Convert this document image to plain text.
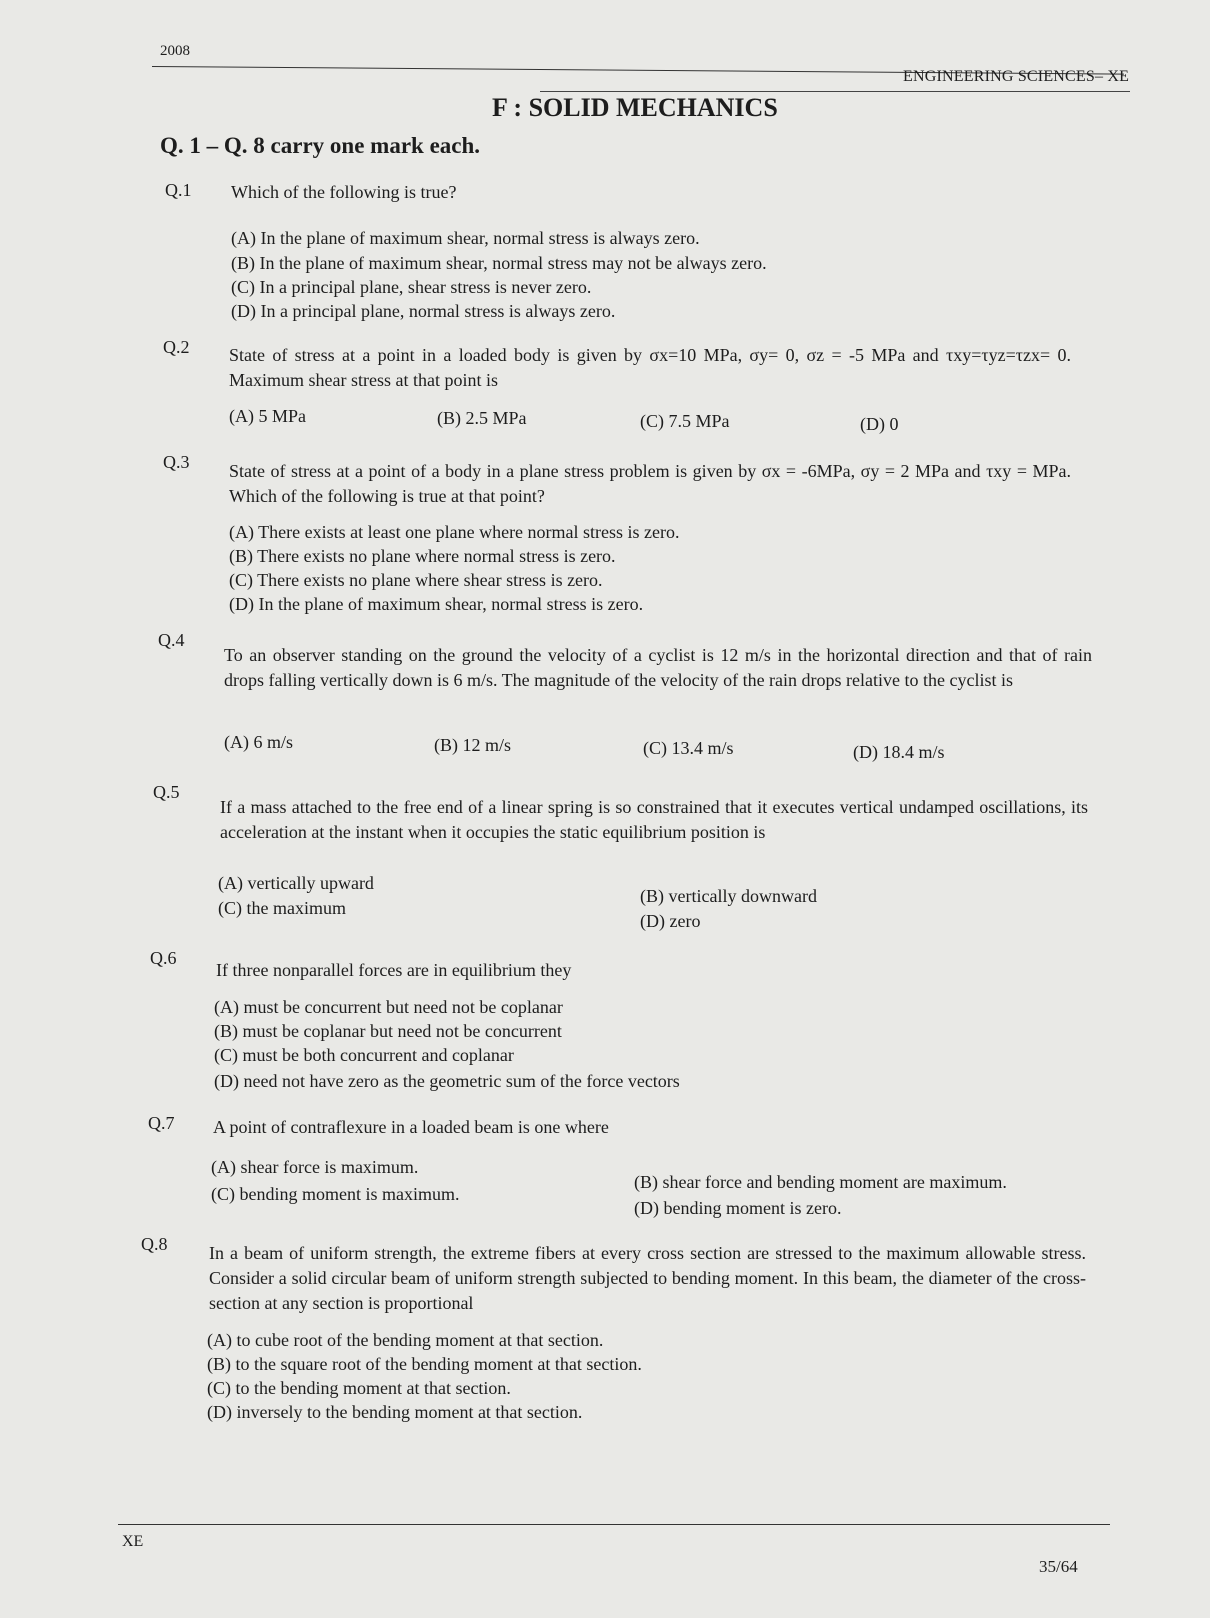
2008
ENGINEERING SCIENCES– XE
F : SOLID MECHANICS
Q. 1 – Q. 8 carry one mark each.
Q.1 Which of the following is true?
(A) In the plane of maximum shear, normal stress is always zero.
(B) In the plane of maximum shear, normal stress may not be always zero.
(C) In a principal plane, shear stress is never zero.
(D) In a principal plane, normal stress is always zero.
Q.2 State of stress at a point in a loaded body is given by σx=10 MPa, σy= 0, σz = -5 MPa and τxy=τyz=τzx= 0. Maximum shear stress at that point is
(A) 5 MPa	(B) 2.5 MPa	(C) 7.5 MPa	(D) 0
Q.3 State of stress at a point of a body in a plane stress problem is given by σx = -6MPa, σy = 2 MPa and τxy = MPa. Which of the following is true at that point?
(A) There exists at least one plane where normal stress is zero.
(B) There exists no plane where normal stress is zero.
(C) There exists no plane where shear stress is zero.
(D) In the plane of maximum shear, normal stress is zero.
Q.4
To an observer standing on the ground the velocity of a cyclist is 12 m/s in the horizontal direction and that of rain drops falling vertically down is 6 m/s. The magnitude of the velocity of the rain drops relative to the cyclist is
(A) 6 m/s	(B) 12 m/s	(C) 13.4 m/s	(D) 18.4 m/s
Q.5
If a mass attached to the free end of a linear spring is so constrained that it executes vertical undamped oscillations, its acceleration at the instant when it occupies the static equilibrium position is
(A) vertically upward
(B) vertically downward
(C) the maximum
(D) zero
Q.6
If three nonparallel forces are in equilibrium they
(A) must be concurrent but need not be coplanar
(B) must be coplanar but need not be concurrent
(C) must be both concurrent and coplanar
(D) need not have zero as the geometric sum of the force vectors
Q.7 A point of contraflexure in a loaded beam is one where
(A) shear force is maximum.
(B) shear force and bending moment are maximum.
(C) bending moment is maximum.
(D) bending moment is zero.
Q.8 In a beam of uniform strength, the extreme fibers at every cross section are stressed to the maximum allowable stress. Consider a solid circular beam of uniform strength subjected to bending moment. In this beam, the diameter of the cross-section at any section is proportional
(A) to cube root of the bending moment at that section.
(B) to the square root of the bending moment at that section.
(C) to the bending moment at that section.
(D) inversely to the bending moment at that section.
XE
35/64
